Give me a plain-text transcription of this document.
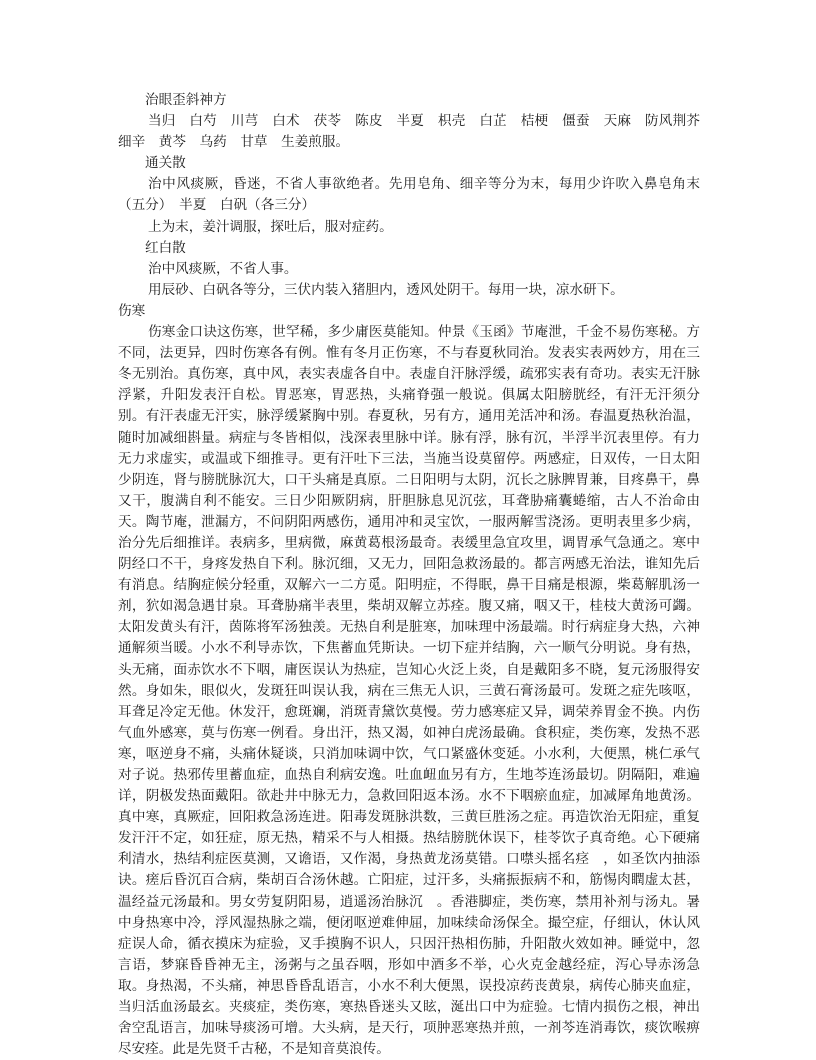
治眼歪斜神方

当归　白芍　川芎　白术　茯苓　陈皮　半夏　枳壳　白芷　桔梗　僵蚕　天麻　防风荆芥　细辛　黄芩　乌药　甘草　生姜煎服。

通关散

治中风痰厥，昏迷，不省人事欲绝者。先用皂角、细辛等分为末，每用少许吹入鼻皂角末（五分）　半夏　白矾（各三分）

上为末，姜汁调服，探吐后，服对症药。

红白散

治中风痰厥，不省人事。

用辰砂、白矾各等分，三伏内装入猪胆内，透风处阴干。每用一块，凉水研下。

伤寒

伤寒金口诀这伤寒，世罕稀，多少庸医莫能知。仲景《玉函》节庵泄，千金不易伤寒秘。方不同，法更异，四时伤寒各有例。惟有冬月正伤寒，不与春夏秋同治。发表实表两妙方，用在三冬无别治。真伤寒，真中风，表实表虚各自中。表虚自汗脉浮缓，疏邪实表有奇功。表实无汗脉浮紧，升阳发表汗自松。胃恶寒，胃恶热，头痛脊强一般说。俱属太阳膀胱经，有汗无汗须分别。有汗表虚无汗实，脉浮缓紧胸中别。春夏秋，另有方，通用羌活冲和汤。春温夏热秋治温，随时加减细斟量。病症与冬皆相似，浅深表里脉中详。脉有浮，脉有沉，半浮半沉表里停。有力无力求虚实，或温或下细推寻。更有汗吐下三法，当施当设莫留停。两感症，日双传，一日太阳少阴连，肾与膀胱脉沉大，口干头痛是真原。二日阳明与太阴，沉长之脉脾胃兼，目疼鼻干，鼻又干，腹满自利不能安。三日少阳厥阴病，肝胆脉息见沉弦，耳聋胁痛囊蜷缩，古人不治命由天。陶节庵，泄漏方，不问阴阳两感伤，通用冲和灵宝饮，一服两解雪浇汤。更明表里多少病，治分先后细推详。表病多，里病微，麻黄葛根汤最奇。表缓里急宜攻里，调胃承气急通之。寒中阴经口不干，身疼发热自下利。脉沉细，又无力，回阳急救汤最的。都言两感无治法，谁知先后有消息。结胸症候分轻重，双解六一二方觅。阳明症，不得眠，鼻干目痛是根源，柴葛解肌汤一剂，狖如渴急遇甘泉。耳聋胁痛半表里，柴胡双解立苏痊。腹又痛，咽又干，桂枝大黄汤可蠲。太阳发黄头有汗，茵陈将军汤独羡。无热自利是脏寒，加味理中汤最端。时行病症身大热，六神通解须当暖。小水不利导赤饮，下焦蓄血凭斯诀。一切下症并结胸，六一顺气分明说。身有热，头无痛，面赤饮水不下咽，庸医误认为热症，岂知心火泛上炎，自是戴阳多不晓，复元汤服得安然。身如朱，眼似火，发斑狂叫误认我，病在三焦无人识，三黄石膏汤最可。发斑之症先咳呕，耳聋足冷定无他。休发汗，愈斑斓，消斑青黛饮莫慢。劳力感寒症又异，调荣养胃金不换。内伤气血外感寒，莫与伤寒一例看。身出汗，热又渴，如神白虎汤最确。食积症，类伤寒，发热不恶寒，呕逆身不痛，头痛休疑谈，只消加味调中饮，气口紧盛休变延。小水利，大便黑，桃仁承气对子说。热邪传里蓄血症，血热自利病安逸。吐血衄血另有方，生地芩连汤最切。阴隔阳，难遍详，阴极发热面戴阳。欲赴井中脉无力，急救回阳返本汤。水不下咽瘀血症，加减犀角地黄汤。真中寒，真厥症，回阳救急汤连进。阳毒发斑脉洪数，三黄巨胜汤之症。再造饮治无阳症，重复发汗汗不定，如狂症，原无热，精采不与人相摄。热结膀胱休误下，桂苓饮子真奇绝。心下硬痛利清水，热结利症医莫测，又谵语，又作渴，身热黄龙汤莫错。口噤头摇名痉　，如圣饮内抽添诀。瘥后昏沉百合病，柴胡百合汤休越。亡阳症，过汗多，头痛振振病不和，筋惕肉瞤虚太甚，温经益元汤最和。男女劳复阴阳易，逍遥汤治脉沉　。香港脚症，类伤寒，禁用补剂与汤丸。暑中身热寒中冷，浮风湿热脉之端，便闭呕逆难伸屈，加味续命汤保全。撮空症，仔细认，休认风症误人命，循衣摸床为症验，叉手摸胸不识人，只因汗热相伤肺，升阳散火效如神。睡觉中，忽言语，梦寐昏昏神无主，汤粥与之虽吞咽，形如中酒多不举，心火克金越经症，泻心导赤汤急取。身热渴，不头痛，神思昏昏乱语言，小水不利大便黑，误投凉药丧黄泉，病传心肺夹血症，当归活血汤最玄。夹痰症，类伤寒，寒热昏迷头又眩，涎出口中为症验。七情内损伤之根，神出舍空乱语言，加味导痰汤可增。大头病，是天行，项肿恶寒热并煎，一剂芩连消毒饮，痰饮喉痹尽安痊。此是先贤千古秘，不是知音莫浪传。
